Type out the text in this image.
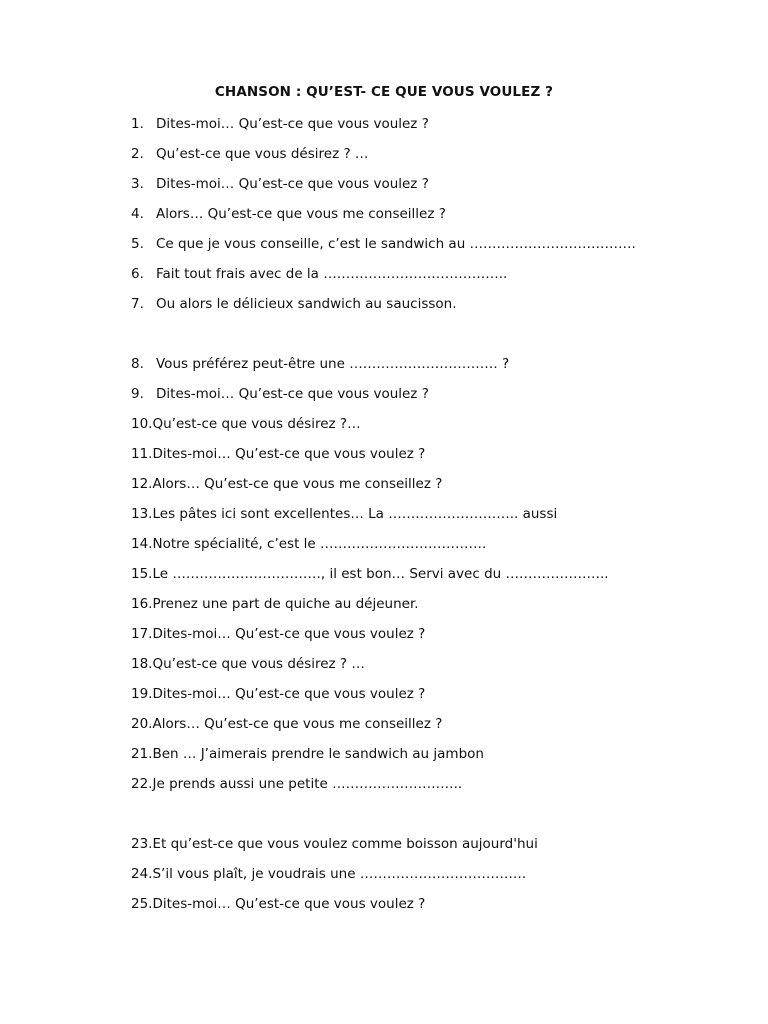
CHANSON : QU’EST- CE QUE VOUS VOULEZ ?
1. Dites-moi… Qu’est-ce que vous voulez ?
2. Qu’est-ce que vous désirez ? …
3. Dites-moi… Qu’est-ce que vous voulez ?
4. Alors… Qu’est-ce que vous me conseillez ?
5. Ce que je vous conseille, c’est le sandwich au ……………………………….
6. Fait tout frais avec de la …………………………………..
7. Ou alors le délicieux sandwich au saucisson.
8. Vous préférez peut-être une …………………………… ?
9. Dites-moi… Qu’est-ce que vous voulez ?
10.Qu’est-ce que vous désirez ?…
11.Dites-moi… Qu’est-ce que vous voulez ?
12.Alors… Qu’est-ce que vous me conseillez ?
13.Les pâtes ici sont excellentes… La ……………………….. aussi
14.Notre spécialité, c’est le ……………………………….
15.Le ……………………………, il est bon… Servi avec du …………………..
16.Prenez une part de quiche au déjeuner.
17.Dites-moi… Qu’est-ce que vous voulez ?
18.Qu’est-ce que vous désirez ? …
19.Dites-moi… Qu’est-ce que vous voulez ?
20.Alors… Qu’est-ce que vous me conseillez ?
21.Ben … J’aimerais prendre le sandwich au jambon
22.Je prends aussi une petite ………………………..
23.Et qu’est-ce que vous voulez comme boisson aujourd'hui
24.S’il vous plaît, je voudrais une ……………………………….
25.Dites-moi… Qu’est-ce que vous voulez ?
